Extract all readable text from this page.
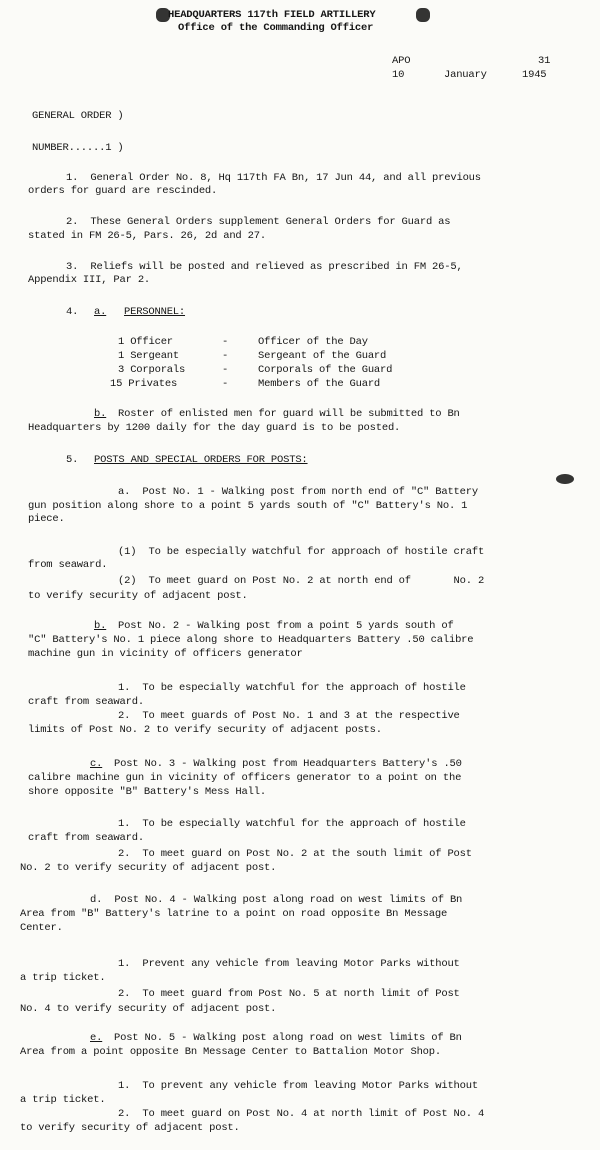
HEADQUARTERS 117th FIELD ARTILLERY
Office of the Commanding Officer
APO	31
10	January	1945
GENERAL ORDER )
NUMBER......1 )
1.  General Order No. 8, Hq 117th FA Bn, 17 Jun 44, and all previous
orders for guard are rescinded.
2.  These General Orders supplement General Orders for Guard as
stated in FM 26-5, Pars. 26, 2d and 27.
3.  Reliefs will be posted and relieved as prescribed in FM 26-5,
Appendix III, Par 2.
4. a. PERSONNEL:
1 Officer	-	Officer of the Day
1 Sergeant	-	Sergeant of the Guard
3 Corporals	-	Corporals of the Guard
15 Privates	-	Members of the Guard
b. Roster of enlisted men for guard will be submitted to Bn
Headquarters by 1200 daily for the day guard is to be posted.
5. POSTS AND SPECIAL ORDERS FOR POSTS:
a.  Post No. 1 - Walking post from north end of "C" Battery
gun position along shore to a point 5 yards south of "C" Battery's No. 1
piece.
(1)  To be especially watchful for approach of hostile craft
from seaward.
(2)  To meet guard on Post No. 2 at north end of       No. 2
to verify security of adjacent post.
b. Post No. 2 - Walking post from a point 5 yards south of
"C" Battery's No. 1 piece along shore to Headquarters Battery .50 calibre
machine gun in vicinity of officers generator
1.  To be especially watchful for the approach of hostile
craft from seaward.
2.  To meet guards of Post No. 1 and 3 at the respective
limits of Post No. 2 to verify security of adjacent posts.
c. Post No. 3 - Walking post from Headquarters Battery's .50
calibre machine gun in vicinity of officers generator to a point on the
shore opposite "B" Battery's Mess Hall.
1.  To be especially watchful for the approach of hostile
craft from seaward.
2.  To meet guard on Post No. 2 at the south limit of Post
No. 2 to verify security of adjacent post.
d.  Post No. 4 - Walking post along road on west limits of Bn
Area from "B" Battery's latrine to a point on road opposite Bn Message
Center.
1.  Prevent any vehicle from leaving Motor Parks without
a trip ticket.
2.  To meet guard from Post No. 5 at north limit of Post
No. 4 to verify security of adjacent post.
e. Post No. 5 - Walking post along road on west limits of Bn
Area from a point opposite Bn Message Center to Battalion Motor Shop.
1.  To prevent any vehicle from leaving Motor Parks without
a trip ticket.
2.  To meet guard on Post No. 4 at north limit of Post No. 4
to verify security of adjacent post.
